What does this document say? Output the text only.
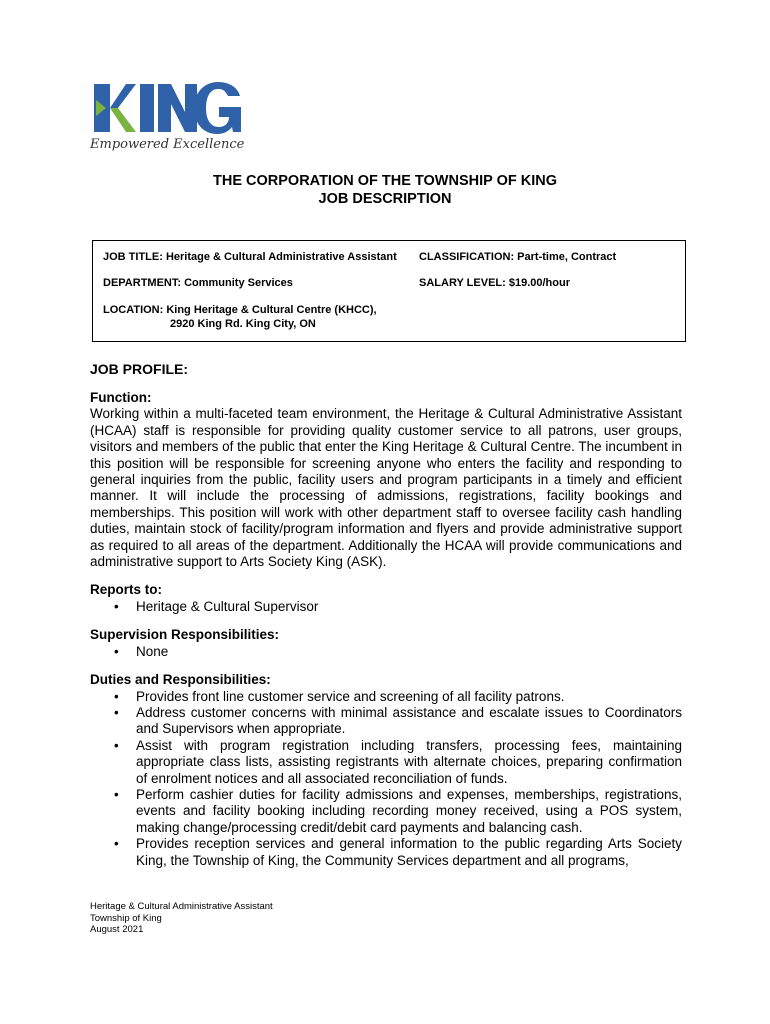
Empowered Excellence
THE CORPORATION OF THE TOWNSHIP OF KING
JOB DESCRIPTION
JOB TITLE: Heritage & Cultural Administrative Assistant CLASSIFICATION: Part-time, Contract
DEPARTMENT: Community Services	SALARY LEVEL: $19.00/hour
LOCATION: King Heritage & Cultural Centre (KHCC),
2920 King Rd. King City, ON
JOB PROFILE:
Function:

Working within a multi-faceted team environment, the Heritage & Cultural Administrative Assistant (HCAA) staff is responsible for providing quality customer service to all patrons, user groups, visitors and members of the public that enter the King Heritage & Cultural Centre. The incumbent in this position will be responsible for screening anyone who enters the facility and responding to general inquiries from the public, facility users and program participants in a timely and efficient manner. It will include the processing of admissions, registrations, facility bookings and memberships. This position will work with other department staff to oversee facility cash handling duties, maintain stock of facility/program information and flyers and provide administrative support as required to all areas of the department. Additionally the HCAA will provide communications and administrative support to Arts Society King (ASK).

Reports to:
• Heritage & Cultural Supervisor
Supervision Responsibilities:
• None
Duties and Responsibilities:
• Provides front line customer service and screening of all facility patrons.
• Address customer concerns with minimal assistance and escalate issues to Coordinators and Supervisors when appropriate.
• Assist with program registration including transfers, processing fees, maintaining appropriate class lists, assisting registrants with alternate choices, preparing confirmation of enrolment notices and all associated reconciliation of funds.
• Perform cashier duties for facility admissions and expenses, memberships, registrations, events and facility booking including recording money received, using a POS system, making change/processing credit/debit card payments and balancing cash.
• Provides reception services and general information to the public regarding Arts Society King, the Township of King, the Community Services department and all programs,
Heritage & Cultural Administrative Assistant
Township of King
August 2021
